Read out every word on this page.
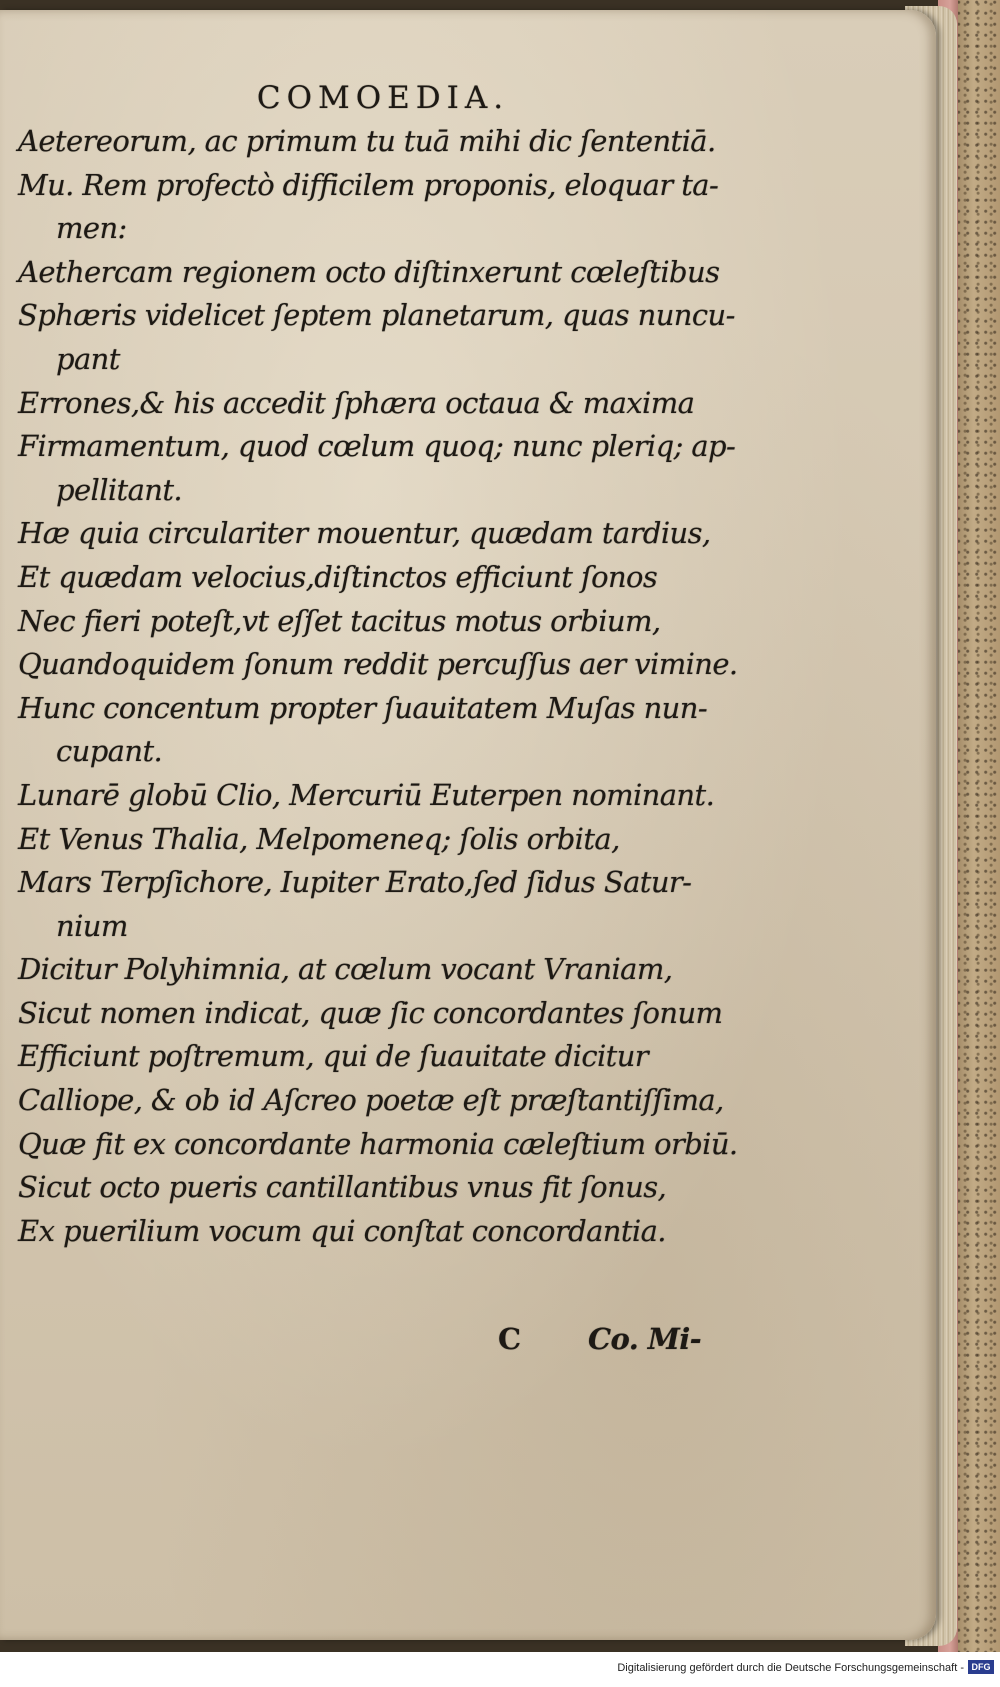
COMOEDIA.
Aetereorum, ac primum tu tuā mihi dic ſententiā.
Mu. Rem profectò difficilem proponis, eloquar ta-
men:
Aethercam regionem octo diſtinxerunt cœleſtibus
Sphæris videlicet ſeptem planetarum, quas nuncu-
pant
Errones,& his accedit ſphæra octaua & maxima
Firmamentum, quod cœlum quoq; nunc pleriq; ap-
pellitant.
Hæ quia circulariter mouentur, quædam tardius,
Et quædam velocius,diſtinctos efficiunt ſonos
Nec fieri poteſt,vt eſſet tacitus motus orbium,
Quandoquidem ſonum reddit percuſſus aer vimine.
Hunc concentum propter ſuauitatem Muſas nun-
cupant.
Lunarē globū Clio, Mercuriū Euterpen nominant.
Et Venus Thalia, Melpomeneq; ſolis orbita,
Mars Terpſichore, Iupiter Erato,ſed ſidus Satur-
nium
Dicitur Polyhimnia, at cœlum vocant Vraniam,
Sicut nomen indicat, quæ ſic concordantes ſonum
Efficiunt poſtremum, qui de ſuauitate dicitur
Calliope, & ob id Aſcreo poetæ eſt præſtantiſſima,
Quæ fit ex concordante harmonia cæleſtium orbiū.
Sicut octo pueris cantillantibus vnus fit ſonus,
Ex puerilium vocum qui conſtat concordantia.
C Co. Mi-
Digitalisierung gefördert durch die Deutsche Forschungsgemeinschaft - DFG
